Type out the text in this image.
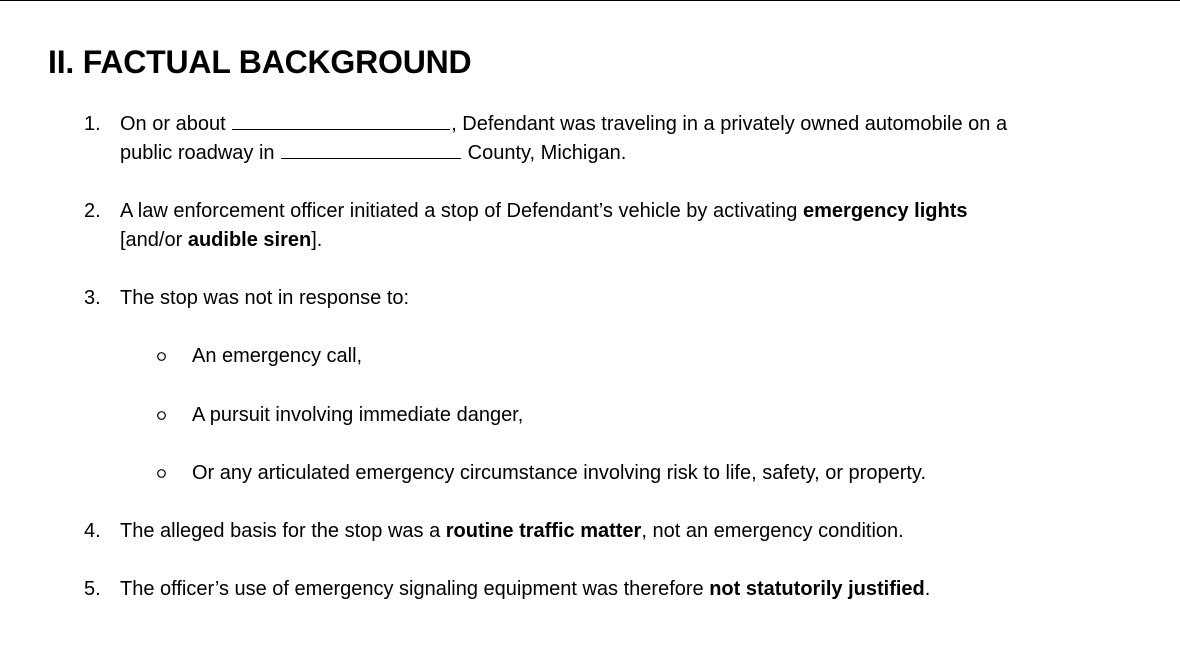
II. FACTUAL BACKGROUND
1. On or about	, Defendant was traveling in a privately owned automobile on a
public roadway in	County, Michigan.
2. A law enforcement officer initiated a stop of Defendant’s vehicle by activating emergency lights
[and/or audible siren].
3. The stop was not in response to:
An emergency call,
A pursuit involving immediate danger,
Or any articulated emergency circumstance involving risk to life, safety, or property.
4. The alleged basis for the stop was a routine traffic matter, not an emergency condition.
5. The officer’s use of emergency signaling equipment was therefore not statutorily justified.
